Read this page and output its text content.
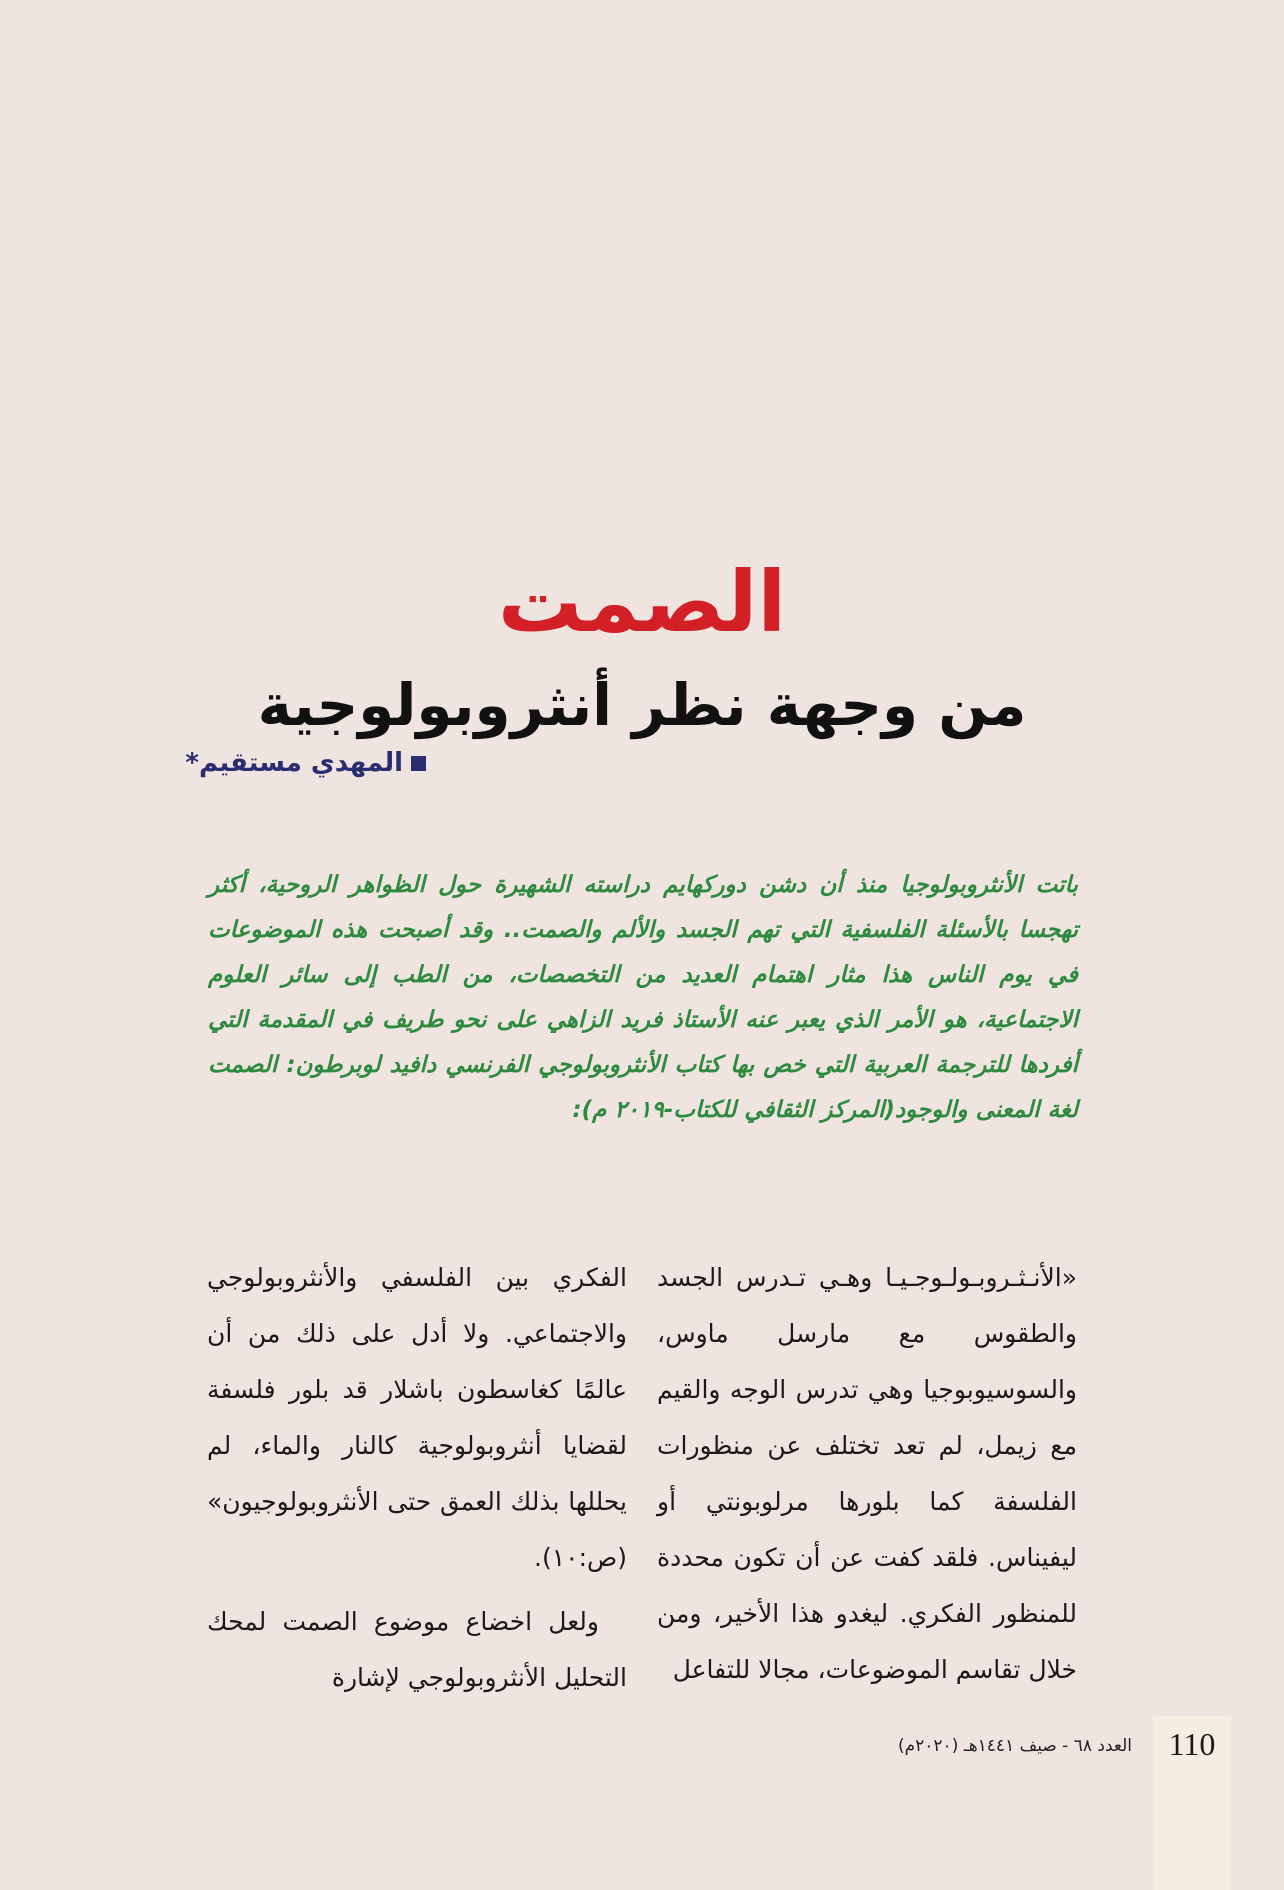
الصمت
من وجهة نظر أنثروبولوجية
المهدي مستقيم*

باتت الأنثروبولوجيا منذ أن دشن دوركهايم دراسته الشهيرة حول الظواهر الروحية، أكثر تهجسا بالأسئلة الفلسفية التي تهم الجسد والألم والصمت.. وقد أصبحت هذه الموضوعات في يوم الناس هذا مثار اهتمام العديد من التخصصات، من الطب إلى سائر العلوم الاجتماعية، هو الأمر الذي يعبر عنه الأستاذ فريد الزاهي على نحو طريف في المقدمة التي أفردها للترجمة العربية التي خص بها كتاب الأنثروبولوجي الفرنسي دافيد لوبرطون: الصمت لغة المعنى والوجود(المركز الثقافي للكتاب-٢٠١٩ م):

«الأنـثـروبـولـوجـيـا وهـي تـدرس الجسد والطقوس مع مارسل ماوس، والسوسيوبوجيا وهي تدرس الوجه والقيم مع زيمل، لم تعد تختلف عن منظورات الفلسفة كما بلورها مرلوبونتي أو ليفيناس. فلقد كفت عن أن تكون محددة للمنظور الفكري. ليغدو هذا الأخير، ومن خلال تقاسم الموضوعات، مجالا للتفاعل

الفكري بين الفلسفي والأنثروبولوجي والاجتماعي. ولا أدل على ذلك من أن عالمًا كغاسطون باشلار قد بلور فلسفة لقضايا أنثروبولوجية كالنار والماء، لم يحللها بذلك العمق حتى الأنثروبولوجيون» (ص:١٠).

ولعل اخضاع موضوع الصمت لمحك التحليل الأنثروبولوجي لإشارة

العدد ٦٨ - صيف ١٤٤١هـ (٢٠٢٠م)	110
